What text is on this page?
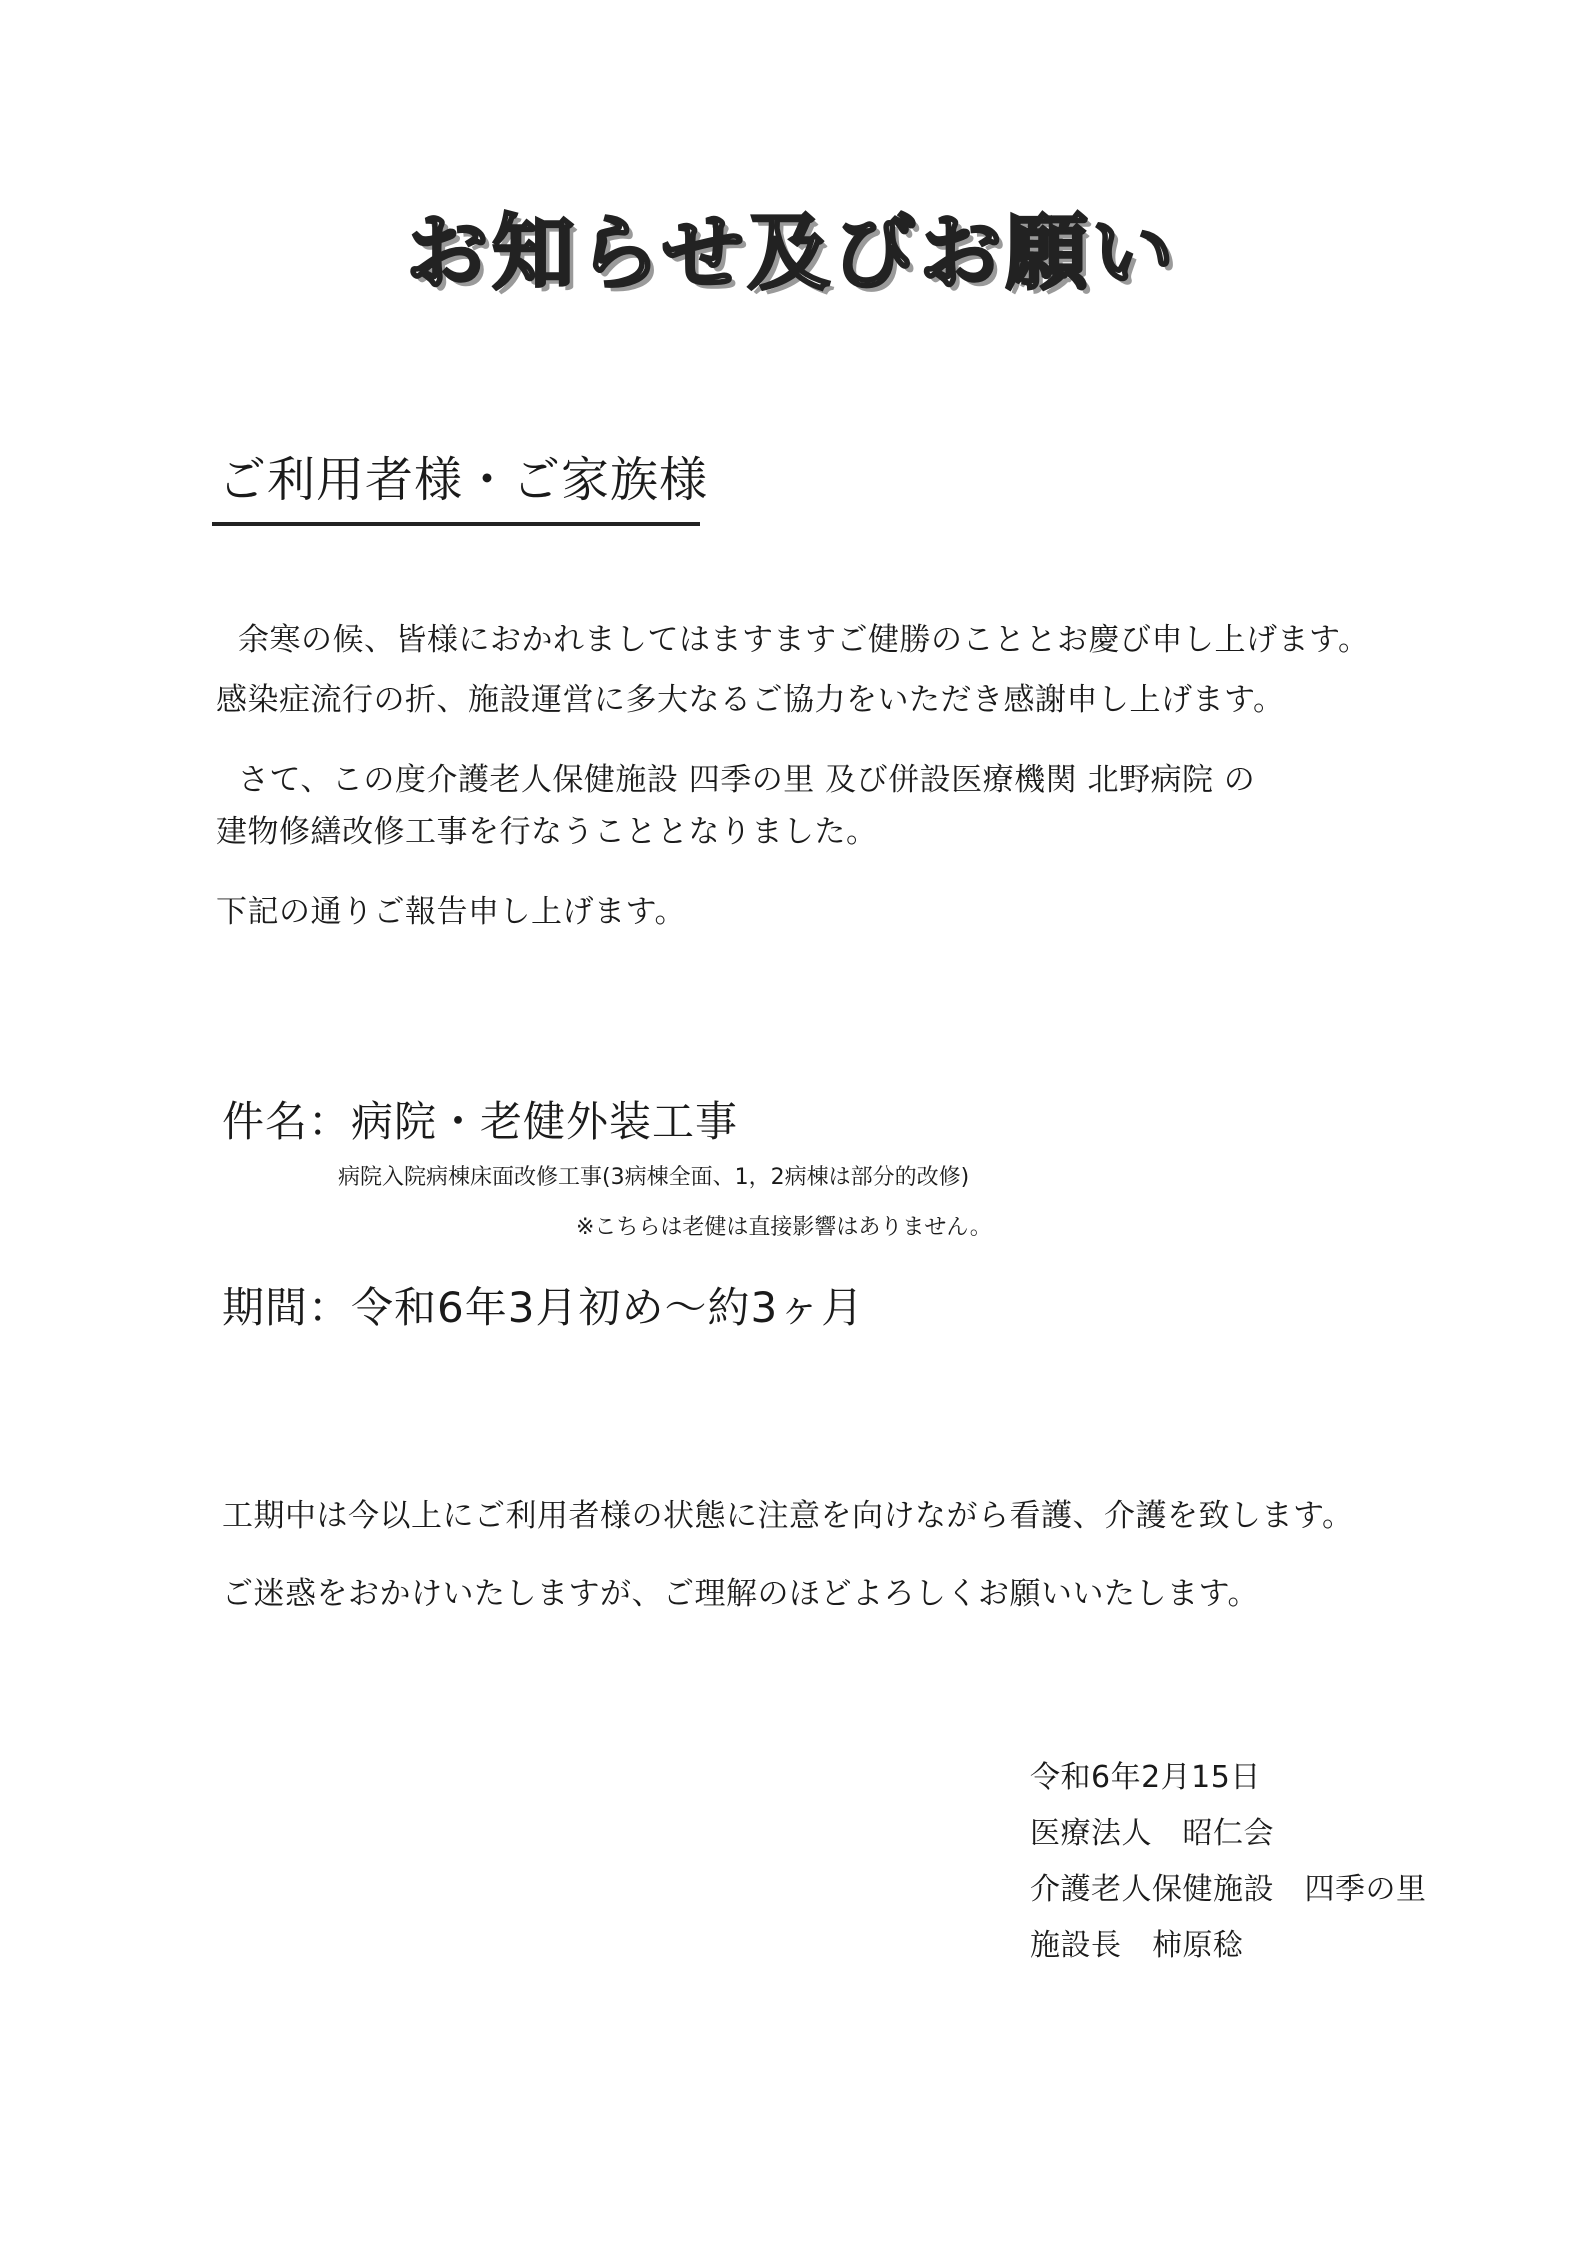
お知らせ及びお願い
ご利用者様・ご家族様
余寒の候、皆様におかれましてはますますご健勝のこととお慶び申し上げます。
感染症流行の折、施設運営に多大なるご協力をいただき感謝申し上げます。
さて、この度介護老人保健施設 四季の里 及び併設医療機関 北野病院 の
建物修繕改修工事を行なうこととなりました。
下記の通りご報告申し上げます。
件名：病院・老健外装工事
病院入院病棟床面改修工事(3病棟全面、1，2病棟は部分的改修)
※こちらは老健は直接影響はありません。
期間：令和6年3月初め～約3ヶ月
工期中は今以上にご利用者様の状態に注意を向けながら看護、介護を致します。
ご迷惑をおかけいたしますが、ご理解のほどよろしくお願いいたします。
令和6年2月15日
医療法人　昭仁会
介護老人保健施設　四季の里
施設長　柿原稔
